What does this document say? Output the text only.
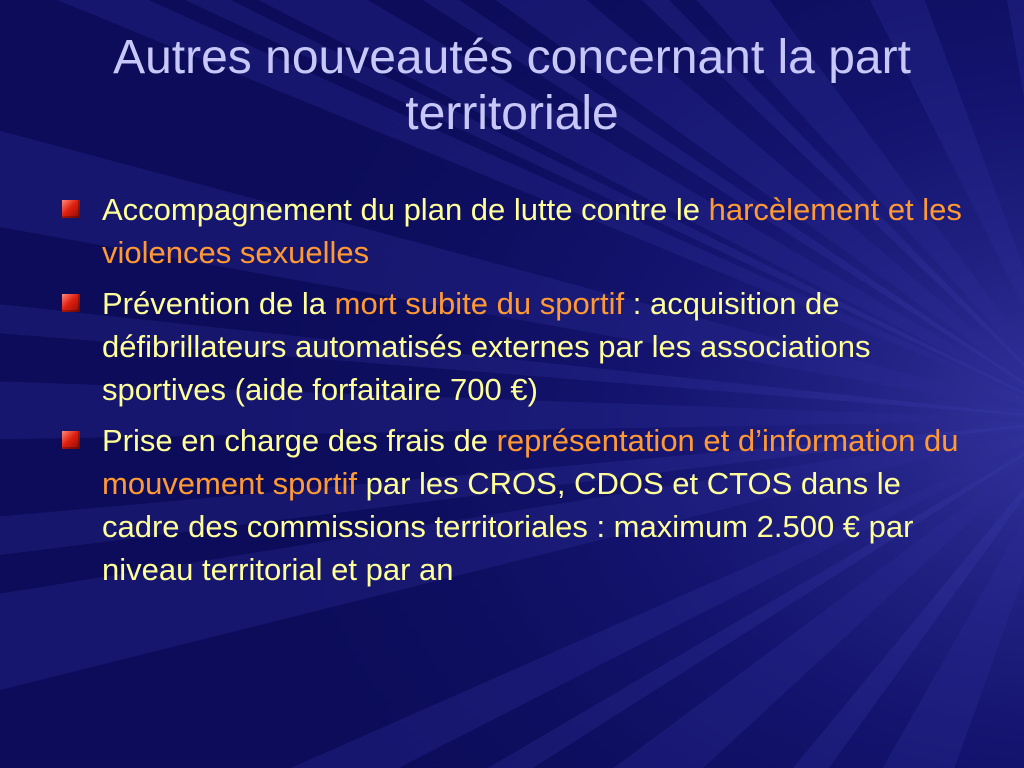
Autres nouveautés concernant la part territoriale
Accompagnement du plan de lutte contre le harcèlement et les violences sexuelles
Prévention de la mort subite du sportif : acquisition de défibrillateurs automatisés externes par les associations sportives (aide forfaitaire 700 €)
Prise en charge des frais de représentation et d’information du mouvement sportif par les CROS, CDOS et CTOS dans le cadre des commissions territoriales : maximum 2.500 € par niveau territorial et par an
